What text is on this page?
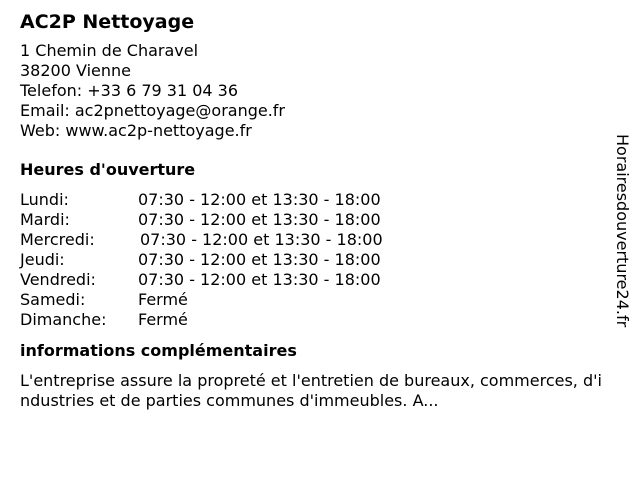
AC2P Nettoyage
1 Chemin de Charavel
38200 Vienne
Telefon: +33 6 79 31 04 36
Email: ac2pnettoyage@orange.fr
Web: www.ac2p-nettoyage.fr
Heures d'ouverture
Lundi:	07:30 - 12:00 et 13:30 - 18:00
Mardi:	07:30 - 12:00 et 13:30 - 18:00
Mercredi:	07:30 - 12:00 et 13:30 - 18:00
Jeudi:	07:30 - 12:00 et 13:30 - 18:00
Vendredi:	07:30 - 12:00 et 13:30 - 18:00
Samedi:	Fermé
Dimanche:	Fermé
informations complémentaires
L'entreprise assure la propreté et l'entretien de bureaux, commerces, d'industries et de parties communes d'immeubles. A...
Horairesdouverture24.fr
